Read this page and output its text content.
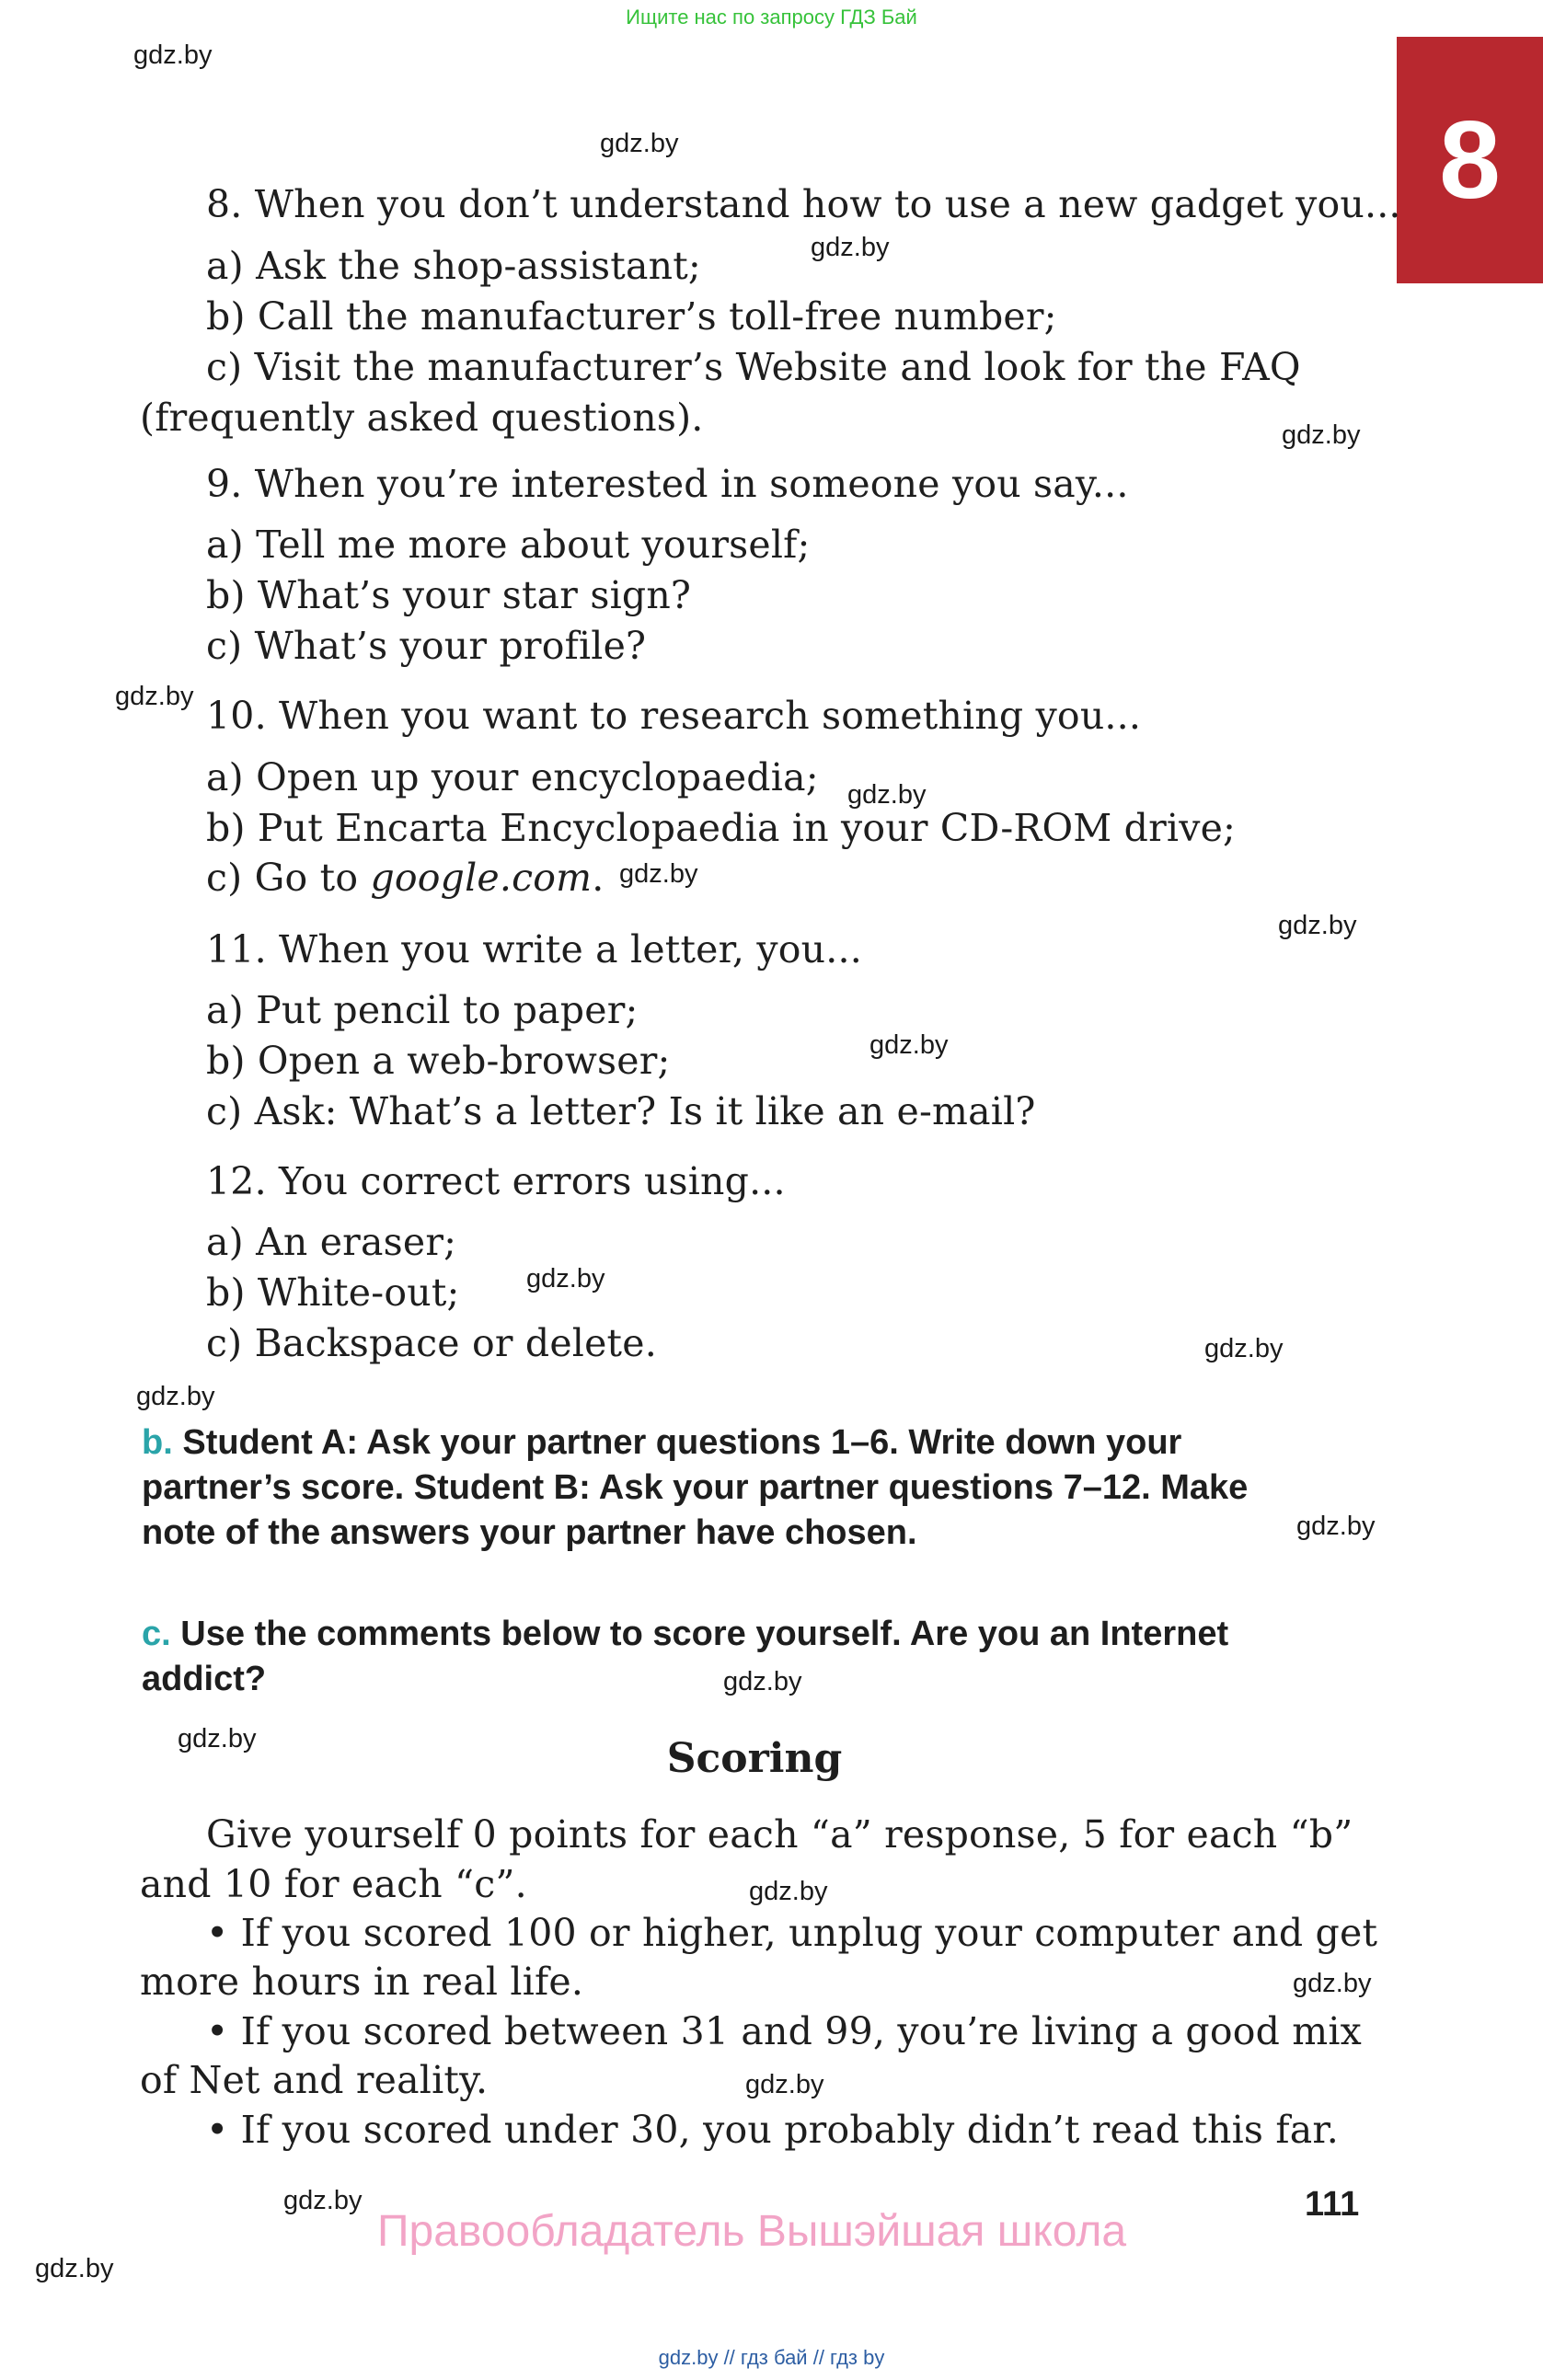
Ищите нас по запросу ГДЗ Бай
8
gdz.by
gdz.by
gdz.by
gdz.by
gdz.by
gdz.by
gdz.by
gdz.by
gdz.by
gdz.by
gdz.by
gdz.by
gdz.by
gdz.by
gdz.by
gdz.by
gdz.by
gdz.by
gdz.by
gdz.by
8. When you don’t understand how to use a new gadget you...
a) Ask the shop-assistant;
b) Call the manufacturer’s toll-free number;
c) Visit the manufacturer’s Website and look for the FAQ
(frequently asked questions).
9. When you’re interested in someone you say...
a) Tell me more about yourself;
b) What’s your star sign?
c) What’s your profile?
10. When you want to research something you...
a) Open up your encyclopaedia;
b) Put Encarta Encyclopaedia in your CD-ROM drive;
c) Go to google.com.
11. When you write a letter, you...
a) Put pencil to paper;
b) Open a web-browser;
c) Ask: What’s a letter? Is it like an e-mail?
12. You correct errors using...
a) An eraser;
b) White-out;
c) Backspace or delete.
b. Student A: Ask your partner questions 1–6. Write down your
partner’s score. Student B: Ask your partner questions 7–12. Make
note of the answers your partner have chosen.
c. Use the comments below to score yourself. Are you an Internet
addict?
Scoring
Give yourself 0 points for each “a” response, 5 for each “b”
and 10 for each “c”.
• If you scored 100 or higher, unplug your computer and get
more hours in real life.
• If you scored between 31 and 99, you’re living a good mix
of Net and reality.
• If you scored under 30, you probably didn’t read this far.
111
Правообладатель Вышэйшая школа
gdz.by // гдз бай // гдз by
